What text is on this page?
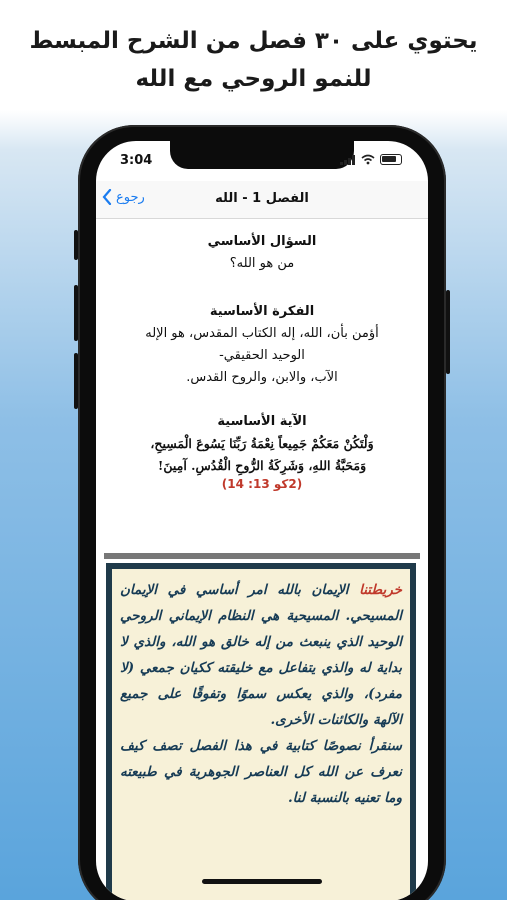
يحتوي على ٣٠ فصل من الشرح المبسط
للنمو الروحي مع الله
3:04
الفصل 1 - الله
رجوع
السؤال الأساسي
من هو الله؟
الفكرة الأساسية
أؤمن بأن، الله، إله الكتاب المقدس، هو الإله
الوحيد الحقيقي-
الآب، والابن، والروح القدس.
الآية الأساسية
وَلْتَكُنْ مَعَكُمْ جَمِيعاً نِعْمَةُ رَبِّنَا يَسُوعَ الْمَسِيحِ،
وَمَحَبَّةُ اللهِ، وَشَرِكَةُ الرُّوحِ الْقُدُسِ. آمِينَ!
(2كو 13: 14)

خريطتنا الإيمان بالله امر أساسي في الإيمان المسيحي. المسيحية هي النظام الإيماني الروحي الوحيد الذي ينبعث من إله خالق هو الله، والذي لا بداية له والذي يتفاعل مع خليقته ككيان جمعي (لا مفرد)، والذي يعكس سموًا وتفوقًا على جميع الآلهة والكائنات الأخرى.

سنقرأ نصوصًا كتابية في هذا الفصل تصف كيف نعرف عن الله كل العناصر الجوهرية في طبيعته وما تعنيه بالنسبة لنا.
